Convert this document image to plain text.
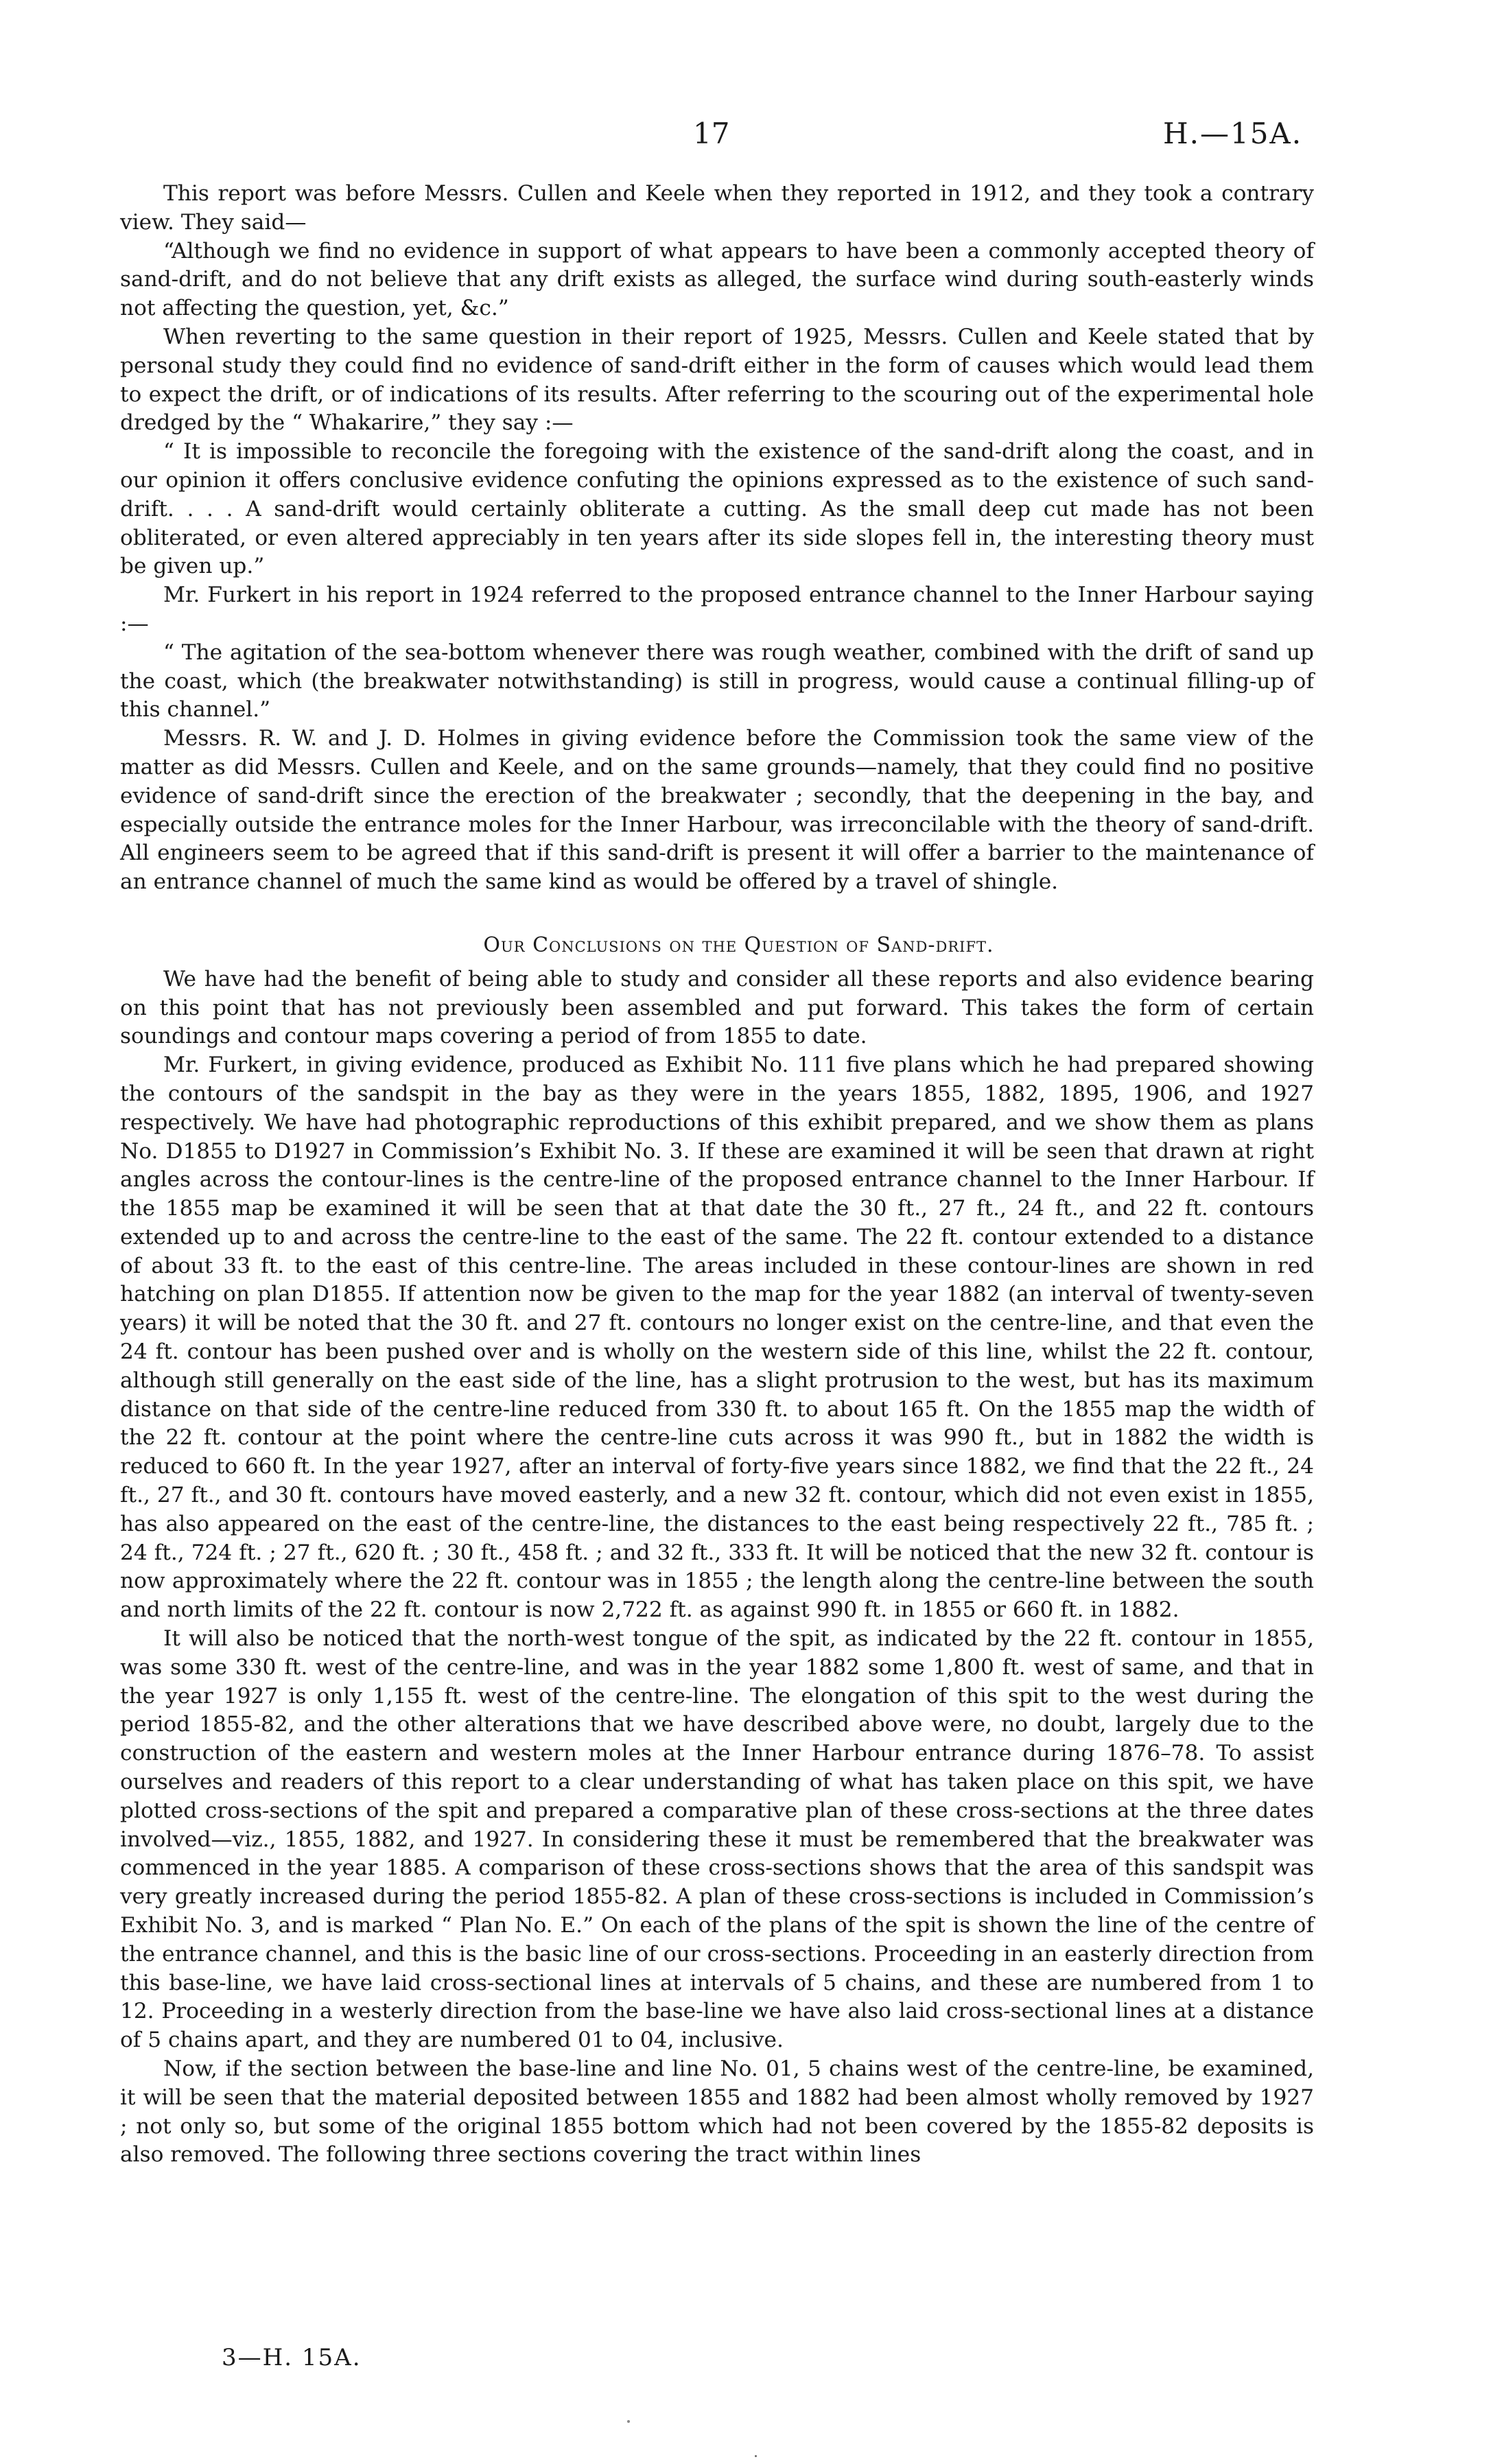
17	H.—15A.

This report was before Messrs. Cullen and Keele when they reported in 1912, and they took a contrary view. They said—

“Although we find no evidence in support of what appears to have been a commonly accepted theory of sand-drift, and do not believe that any drift exists as alleged, the surface wind during south-easterly winds not affecting the question, yet, &c.”

When reverting to the same question in their report of 1925, Messrs. Cullen and Keele stated that by personal study they could find no evidence of sand-drift either in the form of causes which would lead them to expect the drift, or of indications of its results. After referring to the scouring out of the experimental hole dredged by the “ Whakarire,” they say :—

“ It is impossible to reconcile the foregoing with the existence of the sand-drift along the coast, and in our opinion it offers conclusive evidence confuting the opinions expressed as to the existence of such sand-drift. . . . A sand-drift would certainly obliterate a cutting. As the small deep cut made has not been obliterated, or even altered appreciably in ten years after its side slopes fell in, the interesting theory must be given up.”

Mr. Furkert in his report in 1924 referred to the proposed entrance channel to the Inner Harbour saying :—

“ The agitation of the sea-bottom whenever there was rough weather, combined with the drift of sand up the coast, which (the breakwater notwithstanding) is still in progress, would cause a continual filling-up of this channel.”

Messrs. R. W. and J. D. Holmes in giving evidence before the Commission took the same view of the matter as did Messrs. Cullen and Keele, and on the same grounds—namely, that they could find no positive evidence of sand-drift since the erection of the breakwater ; secondly, that the deepening in the bay, and especially outside the entrance moles for the Inner Harbour, was irreconcilable with the theory of sand-drift. All engineers seem to be agreed that if this sand-drift is present it will offer a barrier to the maintenance of an entrance channel of much the same kind as would be offered by a travel of shingle.

Our Conclusions on the Question of Sand-drift.

We have had the benefit of being able to study and consider all these reports and also evidence bearing on this point that has not previously been assembled and put forward. This takes the form of certain soundings and contour maps covering a period of from 1855 to date.

Mr. Furkert, in giving evidence, produced as Exhibit No. 111 five plans which he had prepared showing the contours of the sandspit in the bay as they were in the years 1855, 1882, 1895, 1906, and 1927 respectively. We have had photographic reproductions of this exhibit prepared, and we show them as plans No. D1855 to D1927 in Commission’s Exhibit No. 3. If these are examined it will be seen that drawn at right angles across the contour-lines is the centre-line of the proposed entrance channel to the Inner Harbour. If the 1855 map be examined it will be seen that at that date the 30 ft., 27 ft., 24 ft., and 22 ft. contours extended up to and across the centre-line to the east of the same. The 22 ft. contour extended to a distance of about 33 ft. to the east of this centre-line. The areas included in these contour-lines are shown in red hatching on plan D1855. If attention now be given to the map for the year 1882 (an interval of twenty-seven years) it will be noted that the 30 ft. and 27 ft. contours no longer exist on the centre-line, and that even the 24 ft. contour has been pushed over and is wholly on the western side of this line, whilst the 22 ft. contour, although still generally on the east side of the line, has a slight protrusion to the west, but has its maximum distance on that side of the centre-line reduced from 330 ft. to about 165 ft. On the 1855 map the width of the 22 ft. contour at the point where the centre-line cuts across it was 990 ft., but in 1882 the width is reduced to 660 ft. In the year 1927, after an interval of forty-five years since 1882, we find that the 22 ft., 24 ft., 27 ft., and 30 ft. contours have moved easterly, and a new 32 ft. contour, which did not even exist in 1855, has also appeared on the east of the centre-line, the distances to the east being respectively 22 ft., 785 ft. ; 24 ft., 724 ft. ; 27 ft., 620 ft. ; 30 ft., 458 ft. ; and 32 ft., 333 ft. It will be noticed that the new 32 ft. contour is now approximately where the 22 ft. contour was in 1855 ; the length along the centre-line between the south and north limits of the 22 ft. contour is now 2,722 ft. as against 990 ft. in 1855 or 660 ft. in 1882.

It will also be noticed that the north-west tongue of the spit, as indicated by the 22 ft. contour in 1855, was some 330 ft. west of the centre-line, and was in the year 1882 some 1,800 ft. west of same, and that in the year 1927 is only 1,155 ft. west of the centre-line. The elongation of this spit to the west during the period 1855-82, and the other alterations that we have described above were, no doubt, largely due to the construction of the eastern and western moles at the Inner Harbour entrance during 1876–78. To assist ourselves and readers of this report to a clear understanding of what has taken place on this spit, we have plotted cross-sections of the spit and prepared a comparative plan of these cross-sections at the three dates involved—viz., 1855, 1882, and 1927. In considering these it must be remembered that the breakwater was commenced in the year 1885. A comparison of these cross-sections shows that the area of this sandspit was very greatly increased during the period 1855-82. A plan of these cross-sections is included in Commission’s Exhibit No. 3, and is marked “ Plan No. E.” On each of the plans of the spit is shown the line of the centre of the entrance channel, and this is the basic line of our cross-sections. Proceeding in an easterly direction from this base-line, we have laid cross-sectional lines at intervals of 5 chains, and these are numbered from 1 to 12. Proceeding in a westerly direction from the base-line we have also laid cross-sectional lines at a distance of 5 chains apart, and they are numbered 01 to 04, inclusive.

Now, if the section between the base-line and line No. 01, 5 chains west of the centre-line, be examined, it will be seen that the material deposited between 1855 and 1882 had been almost wholly removed by 1927 ; not only so, but some of the original 1855 bottom which had not been covered by the 1855-82 deposits is also removed. The following three sections covering the tract within lines

3—H. 15A.
